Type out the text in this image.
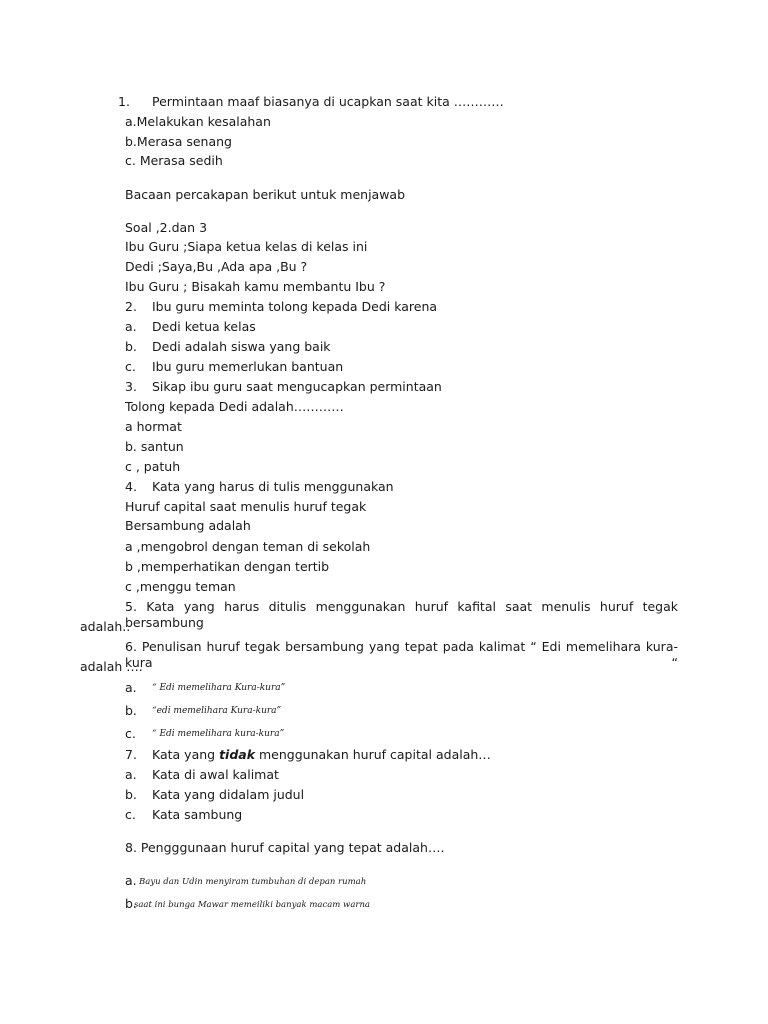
1. Permintaan maaf biasanya di ucapkan saat kita …………
a.Melakukan kesalahan
b.Merasa senang
c. Merasa sedih
Bacaan percakapan berikut untuk menjawab
Soal ,2.dan 3
Ibu Guru ;Siapa ketua kelas di kelas ini
Dedi ;Saya,Bu ,Ada apa ,Bu ?
Ibu Guru ; Bisakah kamu membantu Ibu ?
2. Ibu guru meminta tolong kepada Dedi karena
a. Dedi ketua kelas
b. Dedi adalah siswa yang baik
c. Ibu guru memerlukan bantuan
3. Sikap ibu guru saat mengucapkan permintaan
Tolong kepada Dedi adalah…………
a hormat
b. santun
c , patuh
4. Kata yang harus di tulis menggunakan
Huruf capital saat menulis huruf tegak
Bersambung adalah
a ,mengobrol dengan teman di sekolah
b ,memperhatikan dengan tertib
c ,menggu teman
5. Kata yang harus ditulis menggunakan huruf kafital saat menulis huruf tegak bersambung
adalah..
6. Penulisan huruf tegak bersambung yang tepat pada kalimat “ Edi memelihara kura-kura “
adalah ….
a. “ Edi memelihara Kura-kura”
b. “edi memelihara Kura-kura”
c. “ Edi memelihara kura-kura”
7. Kata yang tidak menggunakan huruf capital adalah…
a. Kata di awal kalimat
b. Kata yang didalam judul
c. Kata sambung
8. Pengggunaan huruf capital yang tepat adalah….
a. Bayu dan Udin menyiram tumbuhan di depan rumah
b.
saat ini bunga Mawar memeiliki banyak macam warna
